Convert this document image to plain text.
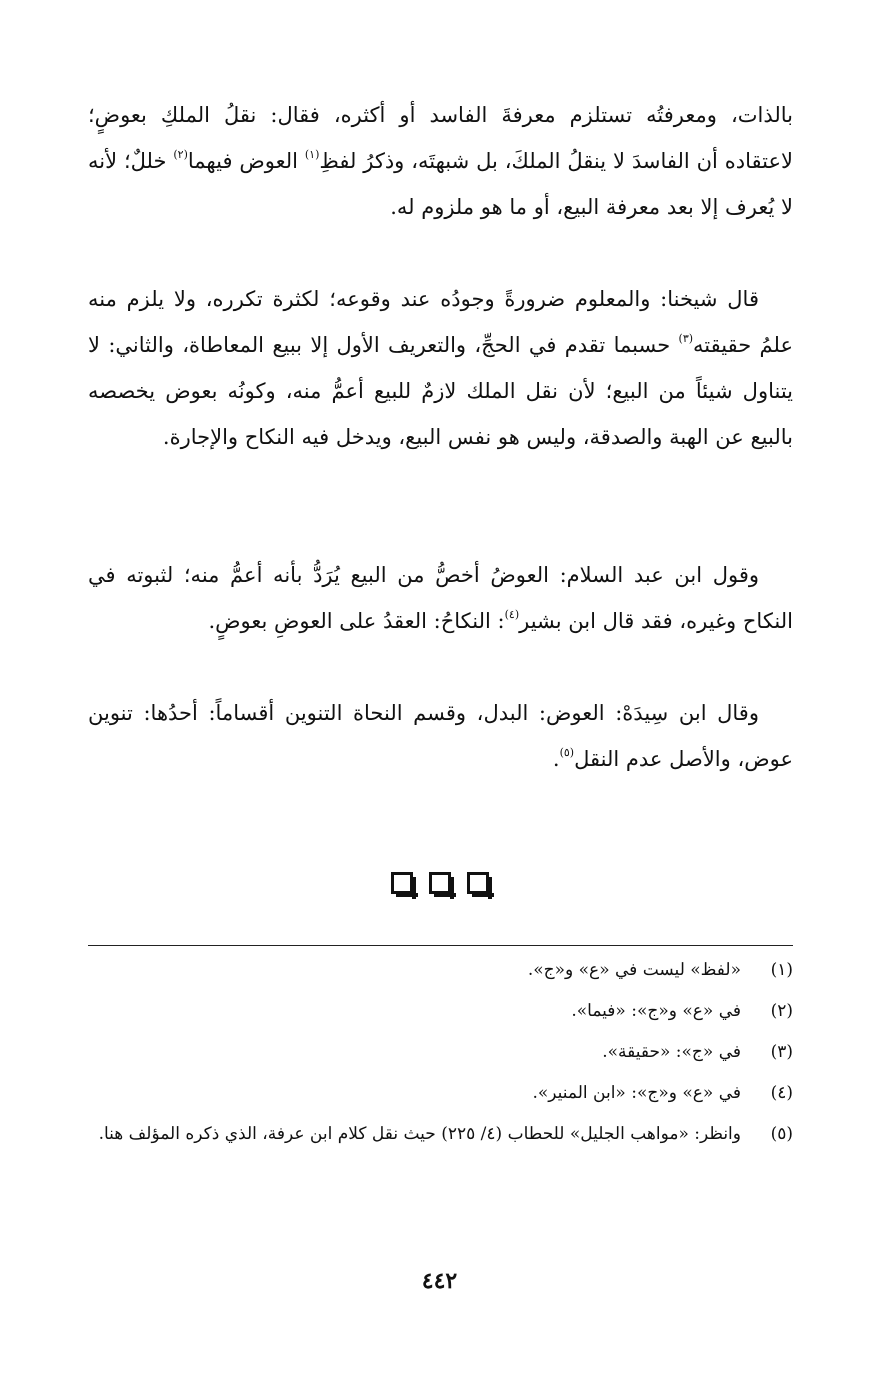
بالذات، ومعرفتُه تستلزم معرفةَ الفاسد أو أكثره، فقال: نقلُ الملكِ بعوضٍ؛ لاعتقاده أن الفاسدَ لا ينقلُ الملكَ، بل شبهتَه، وذكرُ لفظِ$^{(١)}$ العوض فيهما$^{(٢)}$ خللٌ؛ لأنه لا يُعرف إلا بعد معرفة البيع، أو ما هو ملزوم له.

قال شيخنا: والمعلوم ضرورةً وجودُه عند وقوعه؛ لكثرة تكرره، ولا يلزم منه علمُ حقيقته$^{(٣)}$ حسبما تقدم في الحجِّ، والتعريف الأول إلا ببيع المعاطاة، والثاني: لا يتناول شيئاً من البيع؛ لأن نقل الملك لازمٌ للبيع أعمُّ منه، وكونُه بعوض يخصصه بالبيع عن الهبة والصدقة، وليس هو نفس البيع، ويدخل فيه النكاح والإجارة.

وقول ابن عبد السلام: العوضُ أخصُّ من البيع يُرَدُّ بأنه أعمُّ منه؛ لثبوته في النكاح وغيره، فقد قال ابن بشير$^{(٤)}$: النكاحُ: العقدُ على العوضِ بعوضٍ.

وقال ابن سِيدَهْ: العوض: البدل، وقسم النحاة التنوين أقساماً: أحدُها: تنوين عوض، والأصل عدم النقل$^{(٥)}$.

(١)
«لفظ» ليست في «ع» و«ج».
(٢)
في «ع» و«ج»: «فيما».
(٣)
في «ج»: «حقيقة».
(٤)
في «ع» و«ج»: «ابن المنير».
(٥)
وانظر: «مواهب الجليل» للحطاب (٤/ ٢٢٥) حيث نقل كلام ابن عرفة، الذي ذكره المؤلف هنا.
٤٤٢
